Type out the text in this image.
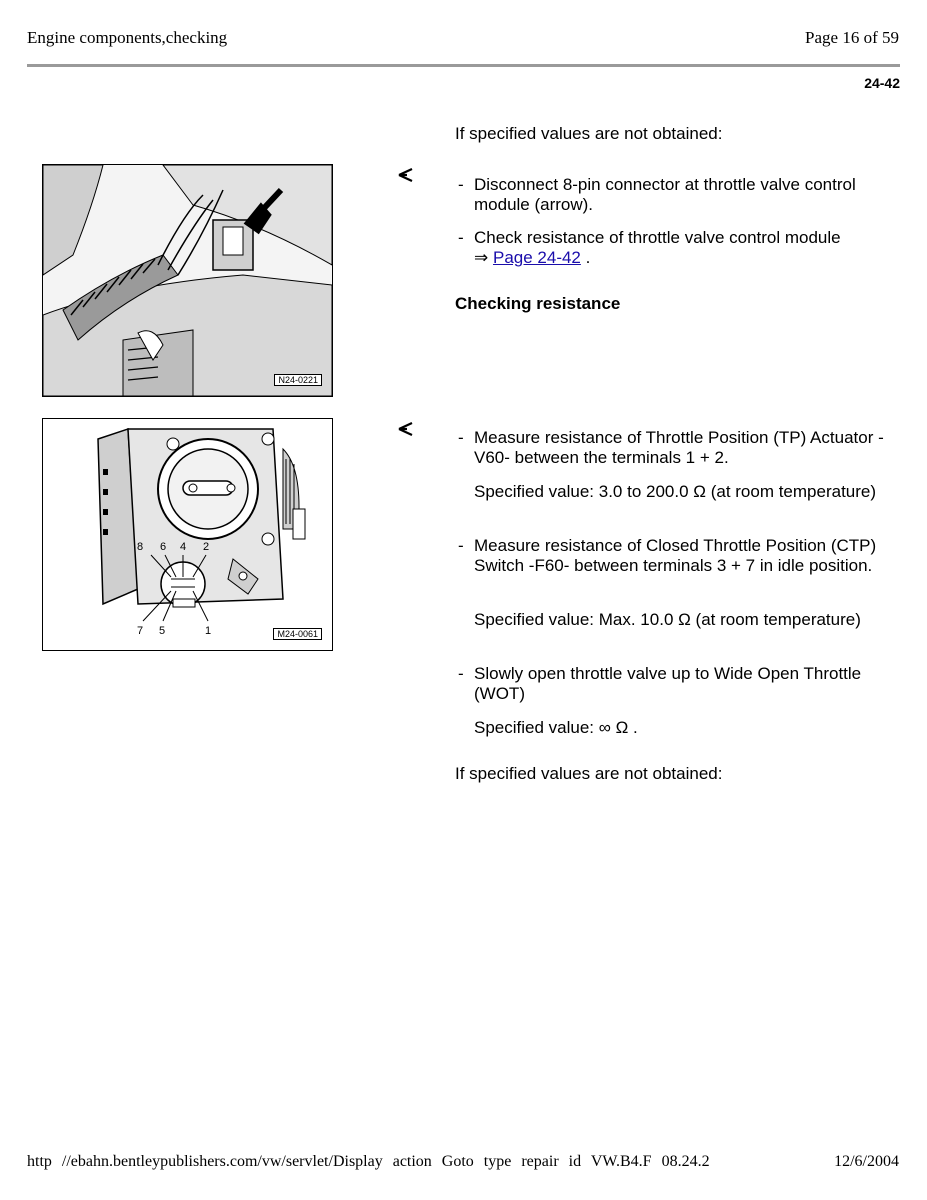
Engine components,checking	Page 16 of 59
24-42
If specified values are not obtained:
N24-0221
- Disconnect 8-pin connector at throttle valve control module (arrow).
- Check resistance of throttle valve control module
⇒ Page 24-42 .
Checking resistance
8 6 4 2
7 5	1	M24-0061
- Measure resistance of Throttle Position (TP) Actuator -V60- between the terminals 1 + 2.
Specified value: 3.0 to 200.0 Ω (at room temperature)
- Measure resistance of Closed Throttle Position (CTP) Switch -F60- between terminals 3 + 7 in idle position.
Specified value: Max. 10.0 Ω (at room temperature)
- Slowly open throttle valve up to Wide Open Throttle (WOT)
Specified value: ∞ Ω .
If specified values are not obtained:
http //ebahn.bentleypublishers.com/vw/servlet/Display action Goto type repair id VW.B4.F 08.24.2	12/6/2004
